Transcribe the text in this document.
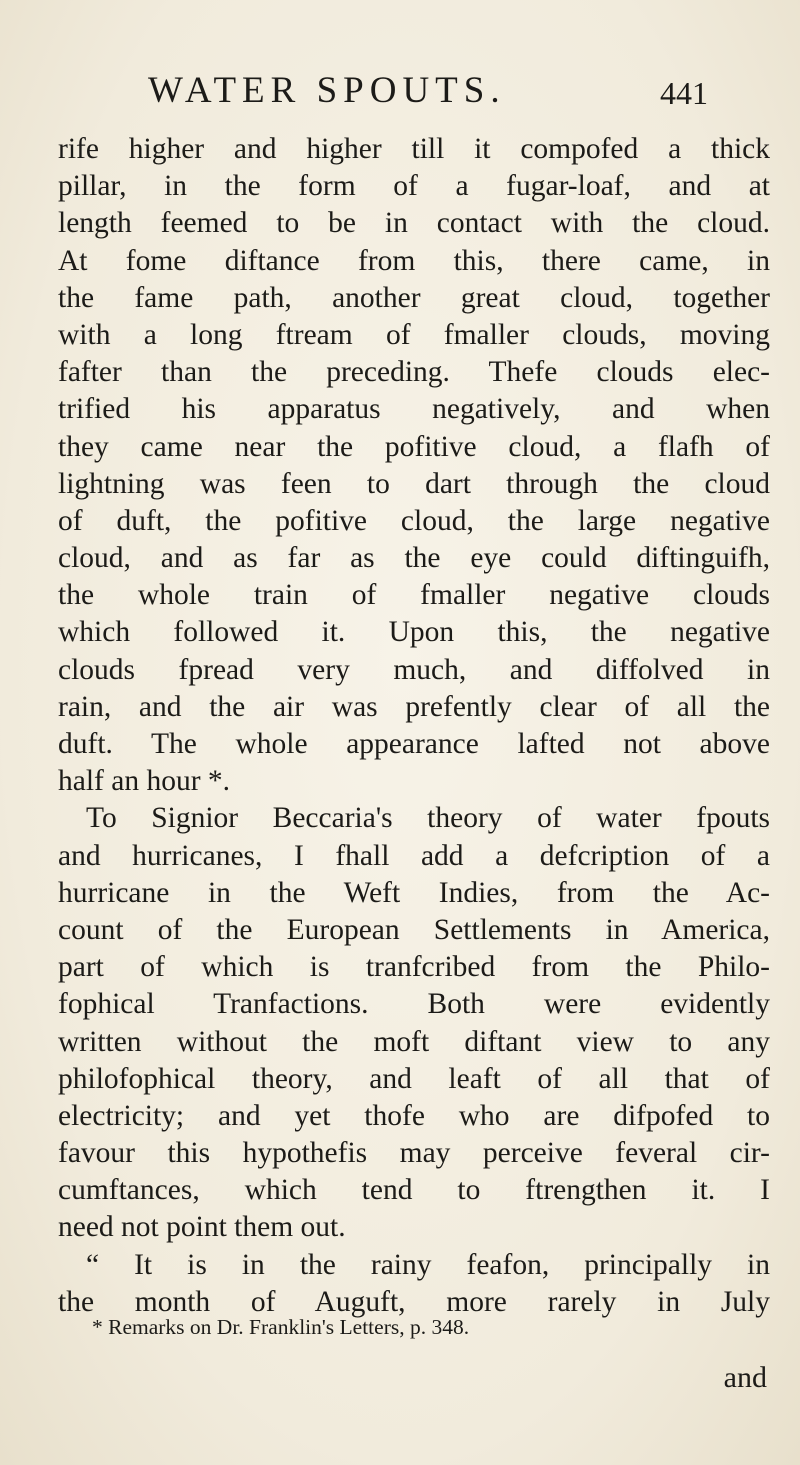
WATER SPOUTS.	441
rife higher and higher till it compofed a thick
pillar, in the form of a fugar-loaf, and at
length feemed to be in contact with the cloud.
At fome diftance from this, there came, in
the fame path, another great cloud, together
with a long ftream of fmaller clouds, moving
fafter than the preceding. Thefe clouds elec-
trified his apparatus negatively, and when
they came near the pofitive cloud, a flafh of
lightning was feen to dart through the cloud
of duft, the pofitive cloud, the large negative
cloud, and as far as the eye could diftinguifh,
the whole train of fmaller negative clouds
which followed it. Upon this, the negative
clouds fpread very much, and diffolved in
rain, and the air was prefently clear of all the
duft. The whole appearance lafted not above
half an hour *.
To Signior Beccaria's theory of water fpouts
and hurricanes, I fhall add a defcription of a
hurricane in the Weft Indies, from the Ac-
count of the European Settlements in America,
part of which is tranfcribed from the Philo-
fophical Tranfactions. Both were evidently
written without the moft diftant view to any
philofophical theory, and leaft of all that of
electricity; and yet thofe who are difpofed to
favour this hypothefis may perceive feveral cir-
cumftances, which tend to ftrengthen it. I
need not point them out.
“ It is in the rainy feafon, principally in
the month of Auguft, more rarely in July
* Remarks on Dr. Franklin's Letters, p. 348.
and
